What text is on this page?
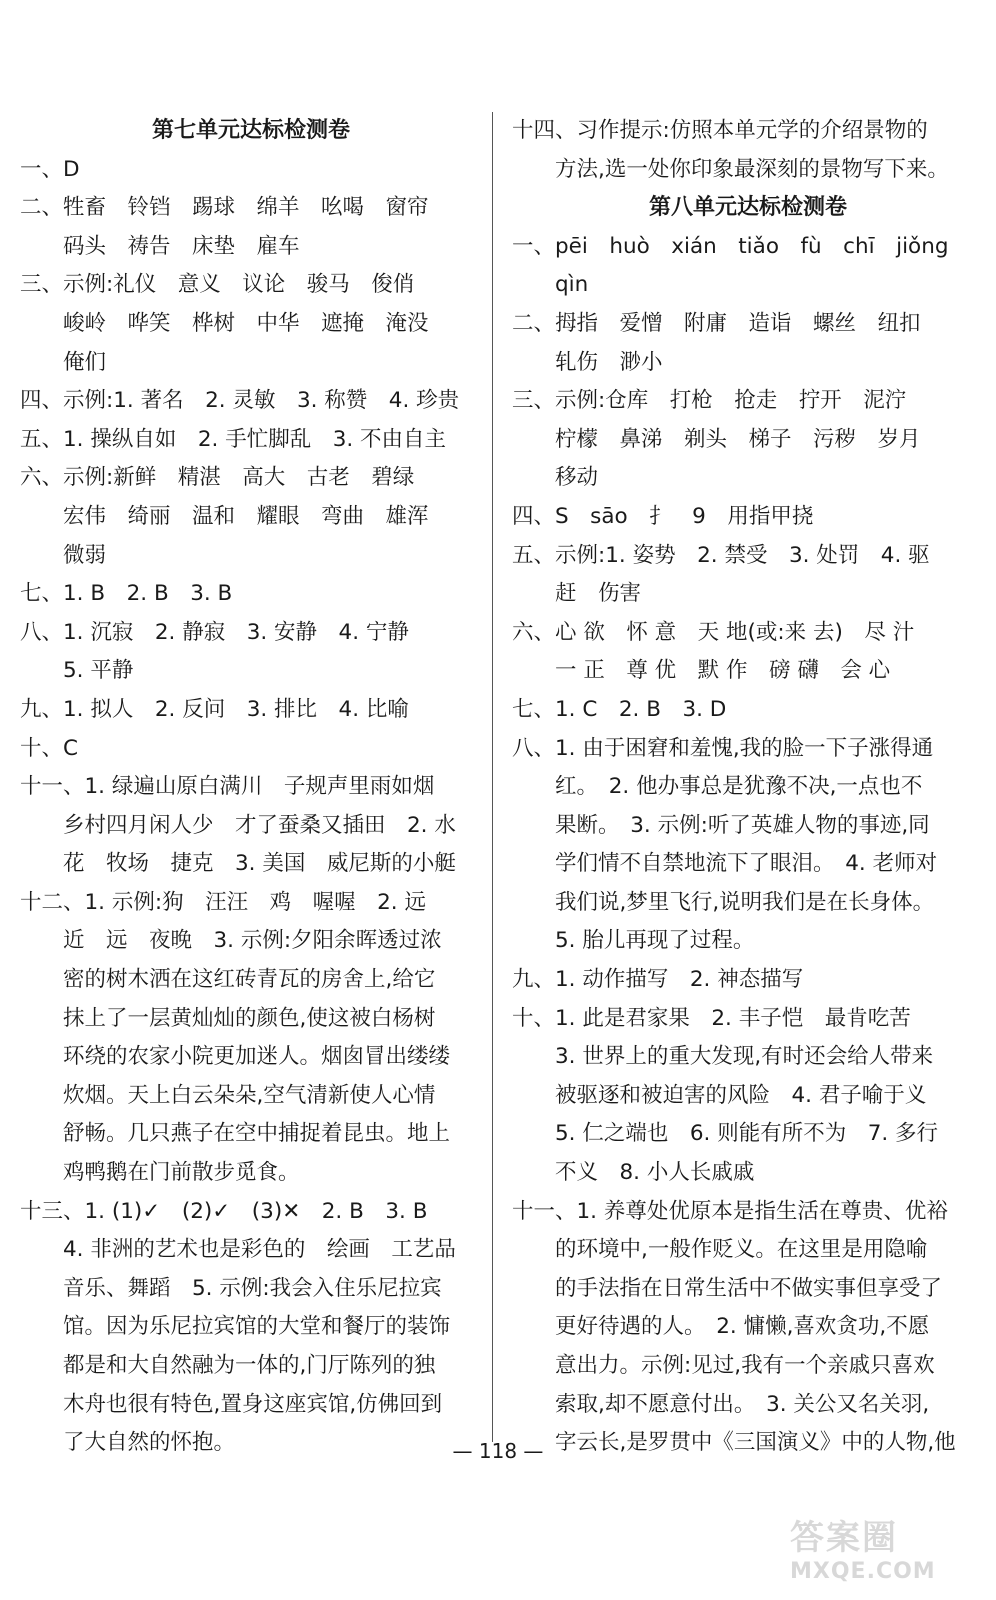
第七单元达标检测卷
一、D
二、牲畜　铃铛　踢球　绵羊　吆喝　窗帘
　　码头　祷告　床垫　雇车
三、示例:礼仪　意义　议论　骏马　俊俏
　　峻岭　哗笑　桦树　中华　遮掩　淹没
　　俺们
四、示例:1. 著名　2. 灵敏　3. 称赞　4. 珍贵
五、1. 操纵自如　2. 手忙脚乱　3. 不由自主
六、示例:新鲜　精湛　高大　古老　碧绿
　　宏伟　绮丽　温和　耀眼　弯曲　雄浑
　　微弱
七、1. B　2. B　3. B
八、1. 沉寂　2. 静寂　3. 安静　4. 宁静
　　5. 平静
九、1. 拟人　2. 反问　3. 排比　4. 比喻
十、C
十一、1. 绿遍山原白满川　子规声里雨如烟
　　乡村四月闲人少　才了蚕桑又插田　2. 水
　　花　牧场　捷克　3. 美国　威尼斯的小艇
十二、1. 示例:狗　汪汪　鸡　喔喔　2. 远
　　近　远　夜晚　3. 示例:夕阳余晖透过浓
　　密的树木洒在这红砖青瓦的房舍上,给它
　　抹上了一层黄灿灿的颜色,使这被白杨树
　　环绕的农家小院更加迷人。烟囱冒出缕缕
　　炊烟。天上白云朵朵,空气清新使人心情
　　舒畅。几只燕子在空中捕捉着昆虫。地上
　　鸡鸭鹅在门前散步觅食。
十三、1. (1)✓　(2)✓　(3)✕　2. B　3. B
　　4. 非洲的艺术也是彩色的　绘画　工艺品
　　音乐、舞蹈　5. 示例:我会入住乐尼拉宾
　　馆。因为乐尼拉宾馆的大堂和餐厅的装饰
　　都是和大自然融为一体的,门厅陈列的独
　　木舟也很有特色,置身这座宾馆,仿佛回到
　　了大自然的怀抱。
十四、习作提示:仿照本单元学的介绍景物的
　　方法,选一处你印象最深刻的景物写下来。
第八单元达标检测卷
一、pēi　huò　xián　tiǎo　fù　chī　jiǒng
　　qìn
二、拇指　爱憎　附庸　造诣　螺丝　纽扣
　　轧伤　渺小
三、示例:仓库　打枪　抢走　拧开　泥泞
　　柠檬　鼻涕　剃头　梯子　污秽　岁月
　　移动
四、S　sāo　扌　9　用指甲挠
五、示例:1. 姿势　2. 禁受　3. 处罚　4. 驱
　　赶　伤害
六、心 欲　怀 意　天 地(或:来 去)　尽 汁
　　一 正　尊 优　默 作　磅 礴　会 心
七、1. C　2. B　3. D
八、1. 由于困窘和羞愧,我的脸一下子涨得通
　　红。　2. 他办事总是犹豫不决,一点也不
　　果断。　3. 示例:听了英雄人物的事迹,同
　　学们情不自禁地流下了眼泪。　4. 老师对
　　我们说,梦里飞行,说明我们是在长身体。
　　5. 胎儿再现了过程。
九、1. 动作描写　2. 神态描写
十、1. 此是君家果　2. 丰子恺　最肯吃苦
　　3. 世界上的重大发现,有时还会给人带来
　　被驱逐和被迫害的风险　4. 君子喻于义
　　5. 仁之端也　6. 则能有所不为　7. 多行
　　不义　8. 小人长戚戚
十一、1. 养尊处优原本是指生活在尊贵、优裕
　　的环境中,一般作贬义。在这里是用隐喻
　　的手法指在日常生活中不做实事但享受了
　　更好待遇的人。　2. 慵懒,喜欢贪功,不愿
　　意出力。示例:见过,我有一个亲戚只喜欢
　　索取,却不愿意付出。　3. 关公又名关羽,
　　字云长,是罗贯中《三国演义》中的人物,他
— 118 —
答案圈
MXQE.COM
